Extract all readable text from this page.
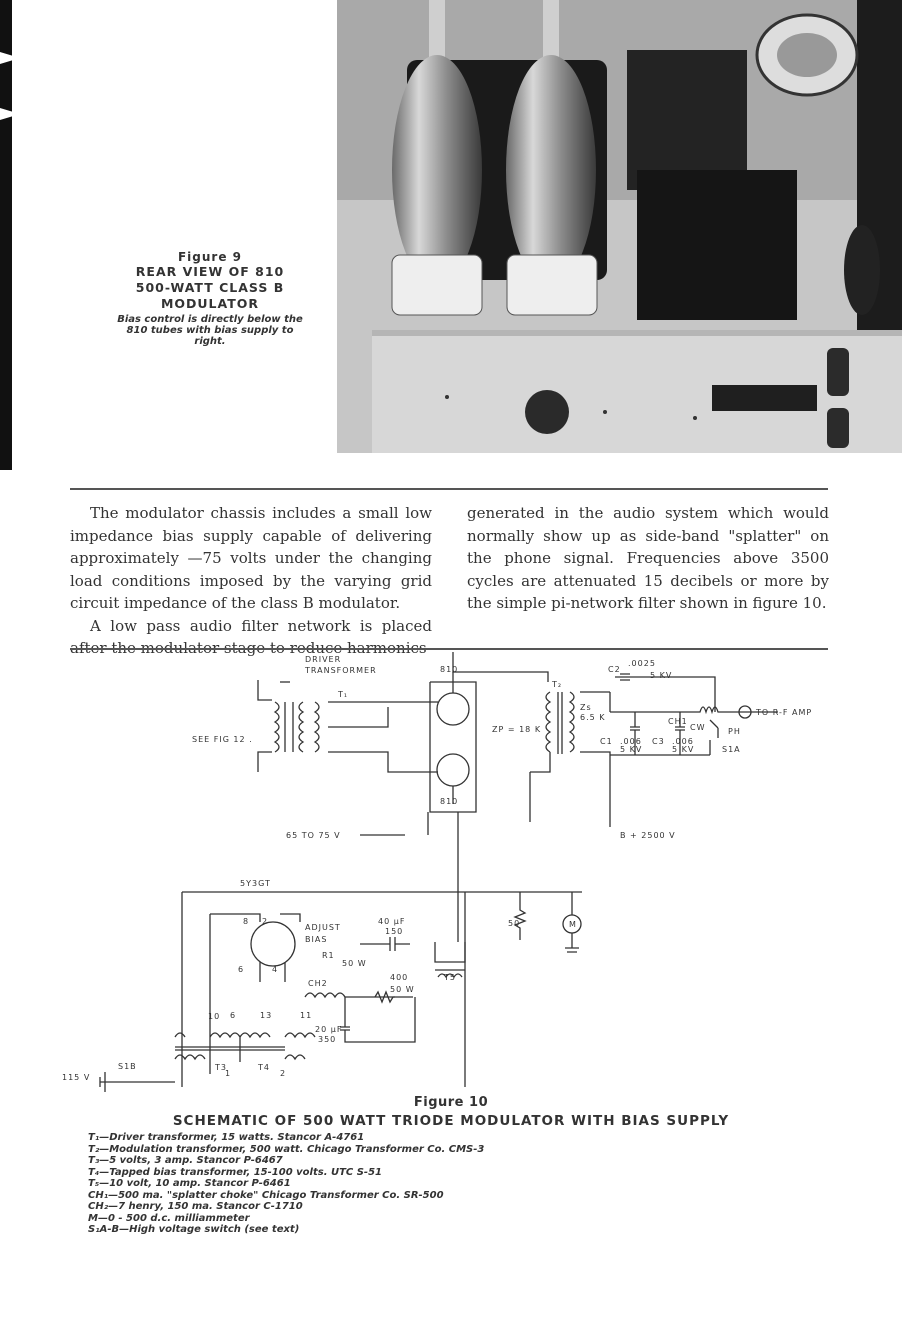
Figure 9
REAR VIEW OF 810
500-WATT CLASS B
MODULATOR
Bias control is directly below the 810 tubes with bias supply to right.

The modulator chassis includes a small low impedance bias supply capable of delivering approximately —75 volts under the changing load conditions imposed by the varying grid circuit impedance of the class B modulator.

A low pass audio filter network is placed after the modulator stage to reduce harmonics

generated in the audio system which would normally show up as side-band "splatter" on the phone signal. Frequencies above 3500 cycles are attenuated 15 decibels or more by the simple pi-network filter shown in figure 10.

DRIVER
TRANSFORMER	810
810
T₁
T₂
SEE FIG 12 .
ZP = 18 K
Zs
6.5 K
C2
.0025
5 KV
CH1
C1 .006
5 KV
C3 .006
5 KV
CW	PH
S1A
TO R-F AMP
65 TO 75 V	B + 2500 V
5Y3GT
ADJUST
BIAS
R1
50 W
40 µF
150
CH2
400
50 W
20 µF
350
50	M
T5
T3	T4
S1B
115 V
8 2
6	4
10 6	13	11
1	2
Figure 10
SCHEMATIC OF 500 WATT TRIODE MODULATOR WITH BIAS SUPPLY
T₁—Driver transformer, 15 watts. Stancor A-4761
T₂—Modulation transformer, 500 watt. Chicago Transformer Co. CMS-3
T₃—5 volts, 3 amp. Stancor P-6467
T₄—Tapped bias transformer, 15-100 volts. UTC S-51
T₅—10 volt, 10 amp. Stancor P-6461
CH₁—500 ma. "splatter choke" Chicago Transformer Co. SR-500
CH₂—7 henry, 150 ma. Stancor C-1710
M—0 - 500 d.c. milliammeter
S₁A-B—High voltage switch (see text)
